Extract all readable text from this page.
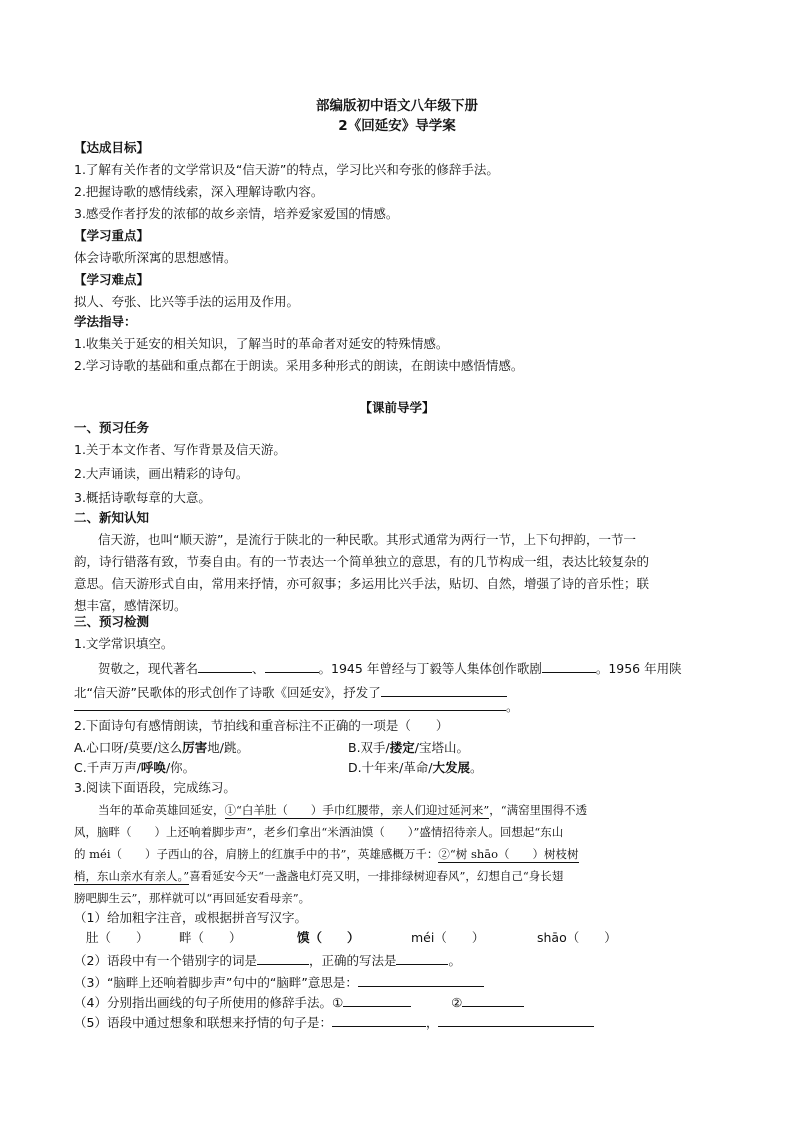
部编版初中语文八年级下册
2《回延安》导学案
【达成目标】
1.了解有关作者的文学常识及“信天游”的特点，学习比兴和夸张的修辞手法。
2.把握诗歌的感情线索，深入理解诗歌内容。
3.感受作者抒发的浓郁的故乡亲情，培养爱家爱国的情感。
【学习重点】
体会诗歌所深寓的思想感情。
【学习难点】
拟人、夸张、比兴等手法的运用及作用。
学法指导：
1.收集关于延安的相关知识，了解当时的革命者对延安的特殊情感。
2.学习诗歌的基础和重点都在于朗读。采用多种形式的朗读，在朗读中感悟情感。
【课前导学】
一、预习任务
1.关于本文作者、写作背景及信天游。
2.大声诵读，画出精彩的诗句。
3.概括诗歌每章的大意。
二、新知认知
信天游，也叫“顺天游”，是流行于陕北的一种民歌。其形式通常为两行一节，上下句押韵，一节一
韵，诗行错落有致，节奏自由。有的一节表达一个简单独立的意思，有的几节构成一组，表达比较复杂的
意思。信天游形式自由，常用来抒情，亦可叙事；多运用比兴手法，贴切、自然，增强了诗的音乐性；联
想丰富，感情深切。
三、预习检测
1.文学常识填空。
贺敬之，现代著名	、	。1945 年曾经与丁毅等人集体创作歌剧	。1956 年用陕
北“信天游”民歌体的形式创作了诗歌《回延安》，抒发了
。
2.下面诗句有感情朗读，节拍线和重音标注不正确的一项是（　　）
A.心口呀/莫要/这么厉害地/跳。	B.双手/搂定/宝塔山。
C.千声万声/呼唤/你。	D.十年来/革命/大发展。
3.阅读下面语段，完成练习。
当年的革命英雄回延安，①“白羊肚（　　）手巾红腰带，亲人们迎过延河来”，“满窑里围得不透
风，脑畔（　　）上还响着脚步声”，老乡们拿出“米酒油馍（　　）”盛情招待亲人。回想起“东山
的 méi（　　）子西山的谷，肩膀上的红旗手中的书”，英雄感概万千：②“树 shāo（　　）树枝树
梢，东山亲水有亲人。”喜看延安今天“一盏盏电灯亮又明，一排排绿树迎春风”，幻想自己“身长翅
膀吧脚生云”，那样就可以“再回延安看母亲”。
（1）给加粗字注音，或根据拼音写汉字。
肚（　　） 畔（　　）	馍（　　）	méi（　　）	shāo（　　）
（2）语段中有一个错别字的词是	，正确的写法是	。
（3）“脑畔上还响着脚步声”句中的“脑畔”意思是：
（4）分别指出画线的句子所使用的修辞手法。①	②
（5）语段中通过想象和联想来抒情的句子是：	，
